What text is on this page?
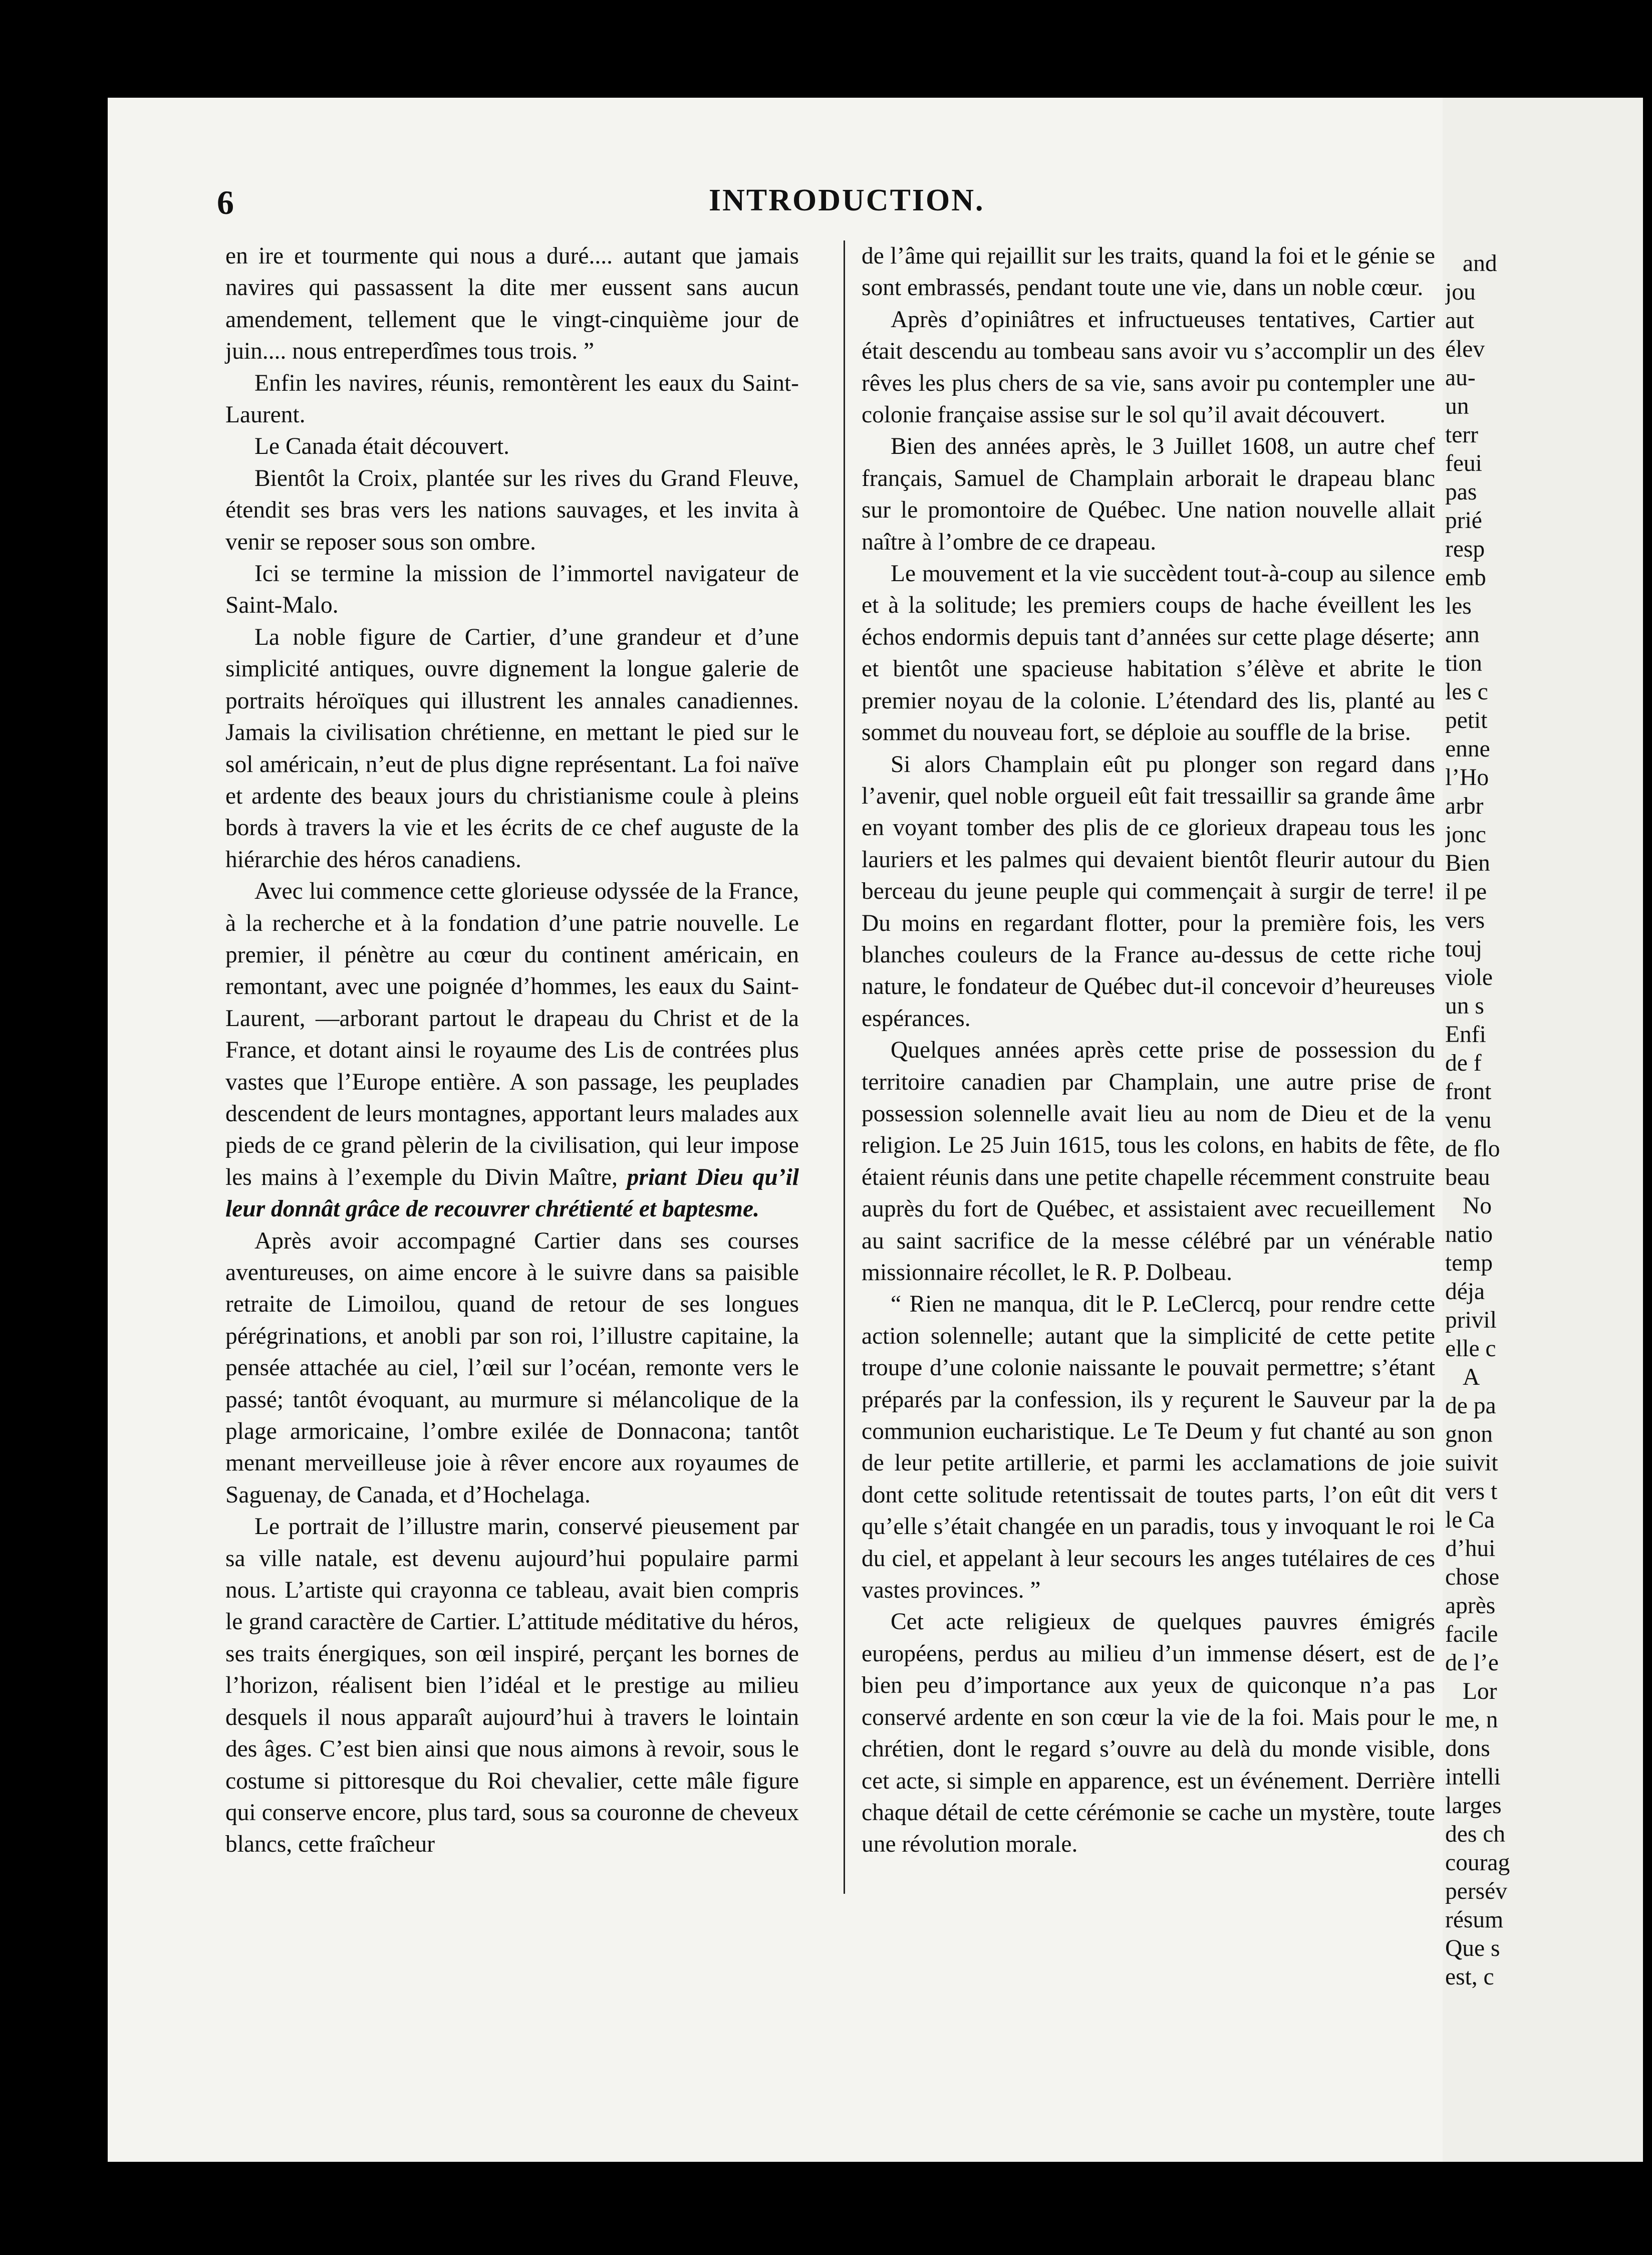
6	INTRODUCTION.

en ire et tourmente qui nous a duré.... autant que jamais navires qui passassent la dite mer eussent sans aucun amendement, tellement que le vingt-cinquième jour de juin.... nous entreperdîmes tous trois. ”

Enfin les navires, réunis, remontèrent les eaux du Saint-Laurent.

Le Canada était découvert.

Bientôt la Croix, plantée sur les rives du Grand Fleuve, étendit ses bras vers les nations sauvages, et les invita à venir se reposer sous son ombre.

Ici se termine la mission de l’immortel navigateur de Saint-Malo.

La noble figure de Cartier, d’une grandeur et d’une simplicité antiques, ouvre dignement la longue galerie de portraits héroïques qui illustrent les annales canadiennes. Jamais la civilisation chrétienne, en mettant le pied sur le sol américain, n’eut de plus digne représentant. La foi naïve et ardente des beaux jours du christianisme coule à pleins bords à travers la vie et les écrits de ce chef auguste de la hiérarchie des héros canadiens.

Avec lui commence cette glorieuse odyssée de la France, à la recherche et à la fondation d’une patrie nouvelle. Le premier, il pénètre au cœur du continent américain, en remontant, avec une poignée d’hommes, les eaux du Saint-Laurent, —arborant partout le drapeau du Christ et de la France, et dotant ainsi le royaume des Lis de contrées plus vastes que l’Europe entière. A son passage, les peuplades descendent de leurs montagnes, apportant leurs malades aux pieds de ce grand pèlerin de la civilisation, qui leur impose les mains à l’exemple du Divin Maître, priant Dieu qu’il leur donnât grâce de recouvrer chrétienté et baptesme.

Après avoir accompagné Cartier dans ses courses aventureuses, on aime encore à le suivre dans sa paisible retraite de Limoilou, quand de retour de ses longues pérégrinations, et anobli par son roi, l’illustre capitaine, la pensée attachée au ciel, l’œil sur l’océan, remonte vers le passé; tantôt évoquant, au murmure si mélancolique de la plage armoricaine, l’ombre exilée de Donnacona; tantôt menant merveilleuse joie à rêver encore aux royaumes de Saguenay, de Canada, et d’Hochelaga.

Le portrait de l’illustre marin, conservé pieusement par sa ville natale, est devenu aujourd’hui populaire parmi nous. L’artiste qui crayonna ce tableau, avait bien compris le grand caractère de Cartier. L’attitude méditative du héros, ses traits énergiques, son œil inspiré, perçant les bornes de l’horizon, réalisent bien l’idéal et le prestige au milieu desquels il nous apparaît aujourd’hui à travers le lointain des âges. C’est bien ainsi que nous aimons à revoir, sous le costume si pittoresque du Roi chevalier, cette mâle figure qui conserve encore, plus tard, sous sa couronne de cheveux blancs, cette fraîcheur

de l’âme qui rejaillit sur les traits, quand la foi et le génie se sont embrassés, pendant toute une vie, dans un noble cœur.

Après d’opiniâtres et infructueuses tentatives, Cartier était descendu au tombeau sans avoir vu s’accomplir un des rêves les plus chers de sa vie, sans avoir pu contempler une colonie française assise sur le sol qu’il avait découvert.

Bien des années après, le 3 Juillet 1608, un autre chef français, Samuel de Champlain arborait le drapeau blanc sur le promontoire de Québec. Une nation nouvelle allait naître à l’ombre de ce drapeau.

Le mouvement et la vie succèdent tout-à-coup au silence et à la solitude; les premiers coups de hache éveillent les échos endormis depuis tant d’années sur cette plage déserte; et bientôt une spacieuse habitation s’élève et abrite le premier noyau de la colonie. L’étendard des lis, planté au sommet du nouveau fort, se déploie au souffle de la brise.

Si alors Champlain eût pu plonger son regard dans l’avenir, quel noble orgueil eût fait tressaillir sa grande âme en voyant tomber des plis de ce glorieux drapeau tous les lauriers et les palmes qui devaient bientôt fleurir autour du berceau du jeune peuple qui commençait à surgir de terre! Du moins en regardant flotter, pour la première fois, les blanches couleurs de la France au-dessus de cette riche nature, le fondateur de Québec dut-il concevoir d’heureuses espérances.

Quelques années après cette prise de possession du territoire canadien par Champlain, une autre prise de possession solennelle avait lieu au nom de Dieu et de la religion. Le 25 Juin 1615, tous les colons, en habits de fête, étaient réunis dans une petite chapelle récemment construite auprès du fort de Québec, et assistaient avec recueillement au saint sacrifice de la messe célébré par un vénérable missionnaire récollet, le R. P. Dolbeau.

“ Rien ne manqua, dit le P. LeClercq, pour rendre cette action solennelle; autant que la simplicité de cette petite troupe d’une colonie naissante le pouvait permettre; s’étant préparés par la confession, ils y reçurent le Sauveur par la communion eucharistique. Le Te Deum y fut chanté au son de leur petite artillerie, et parmi les acclamations de joie dont cette solitude retentissait de toutes parts, l’on eût dit qu’elle s’était changée en un paradis, tous y invoquant le roi du ciel, et appelant à leur secours les anges tutélaires de ces vastes provinces. ”

Cet acte religieux de quelques pauvres émigrés européens, perdus au milieu d’un immense désert, est de bien peu d’importance aux yeux de quiconque n’a pas conservé ardente en son cœur la vie de la foi. Mais pour le chrétien, dont le regard s’ouvre au delà du monde visible, cet acte, si simple en apparence, est un événement. Derrière chaque détail de cette cérémonie se cache un mystère, toute une révolution morale.

and
jou
aut
élev
au-
un
terr
feui
pas
prié
resp
emb
les
ann
tion
les c
petit
enne
l’Ho
arbr
jonc
Bien
il pe
vers
touj
viole
un s
Enfi
de f
front
venu
de flo
beau
No
natio
temp
déja
privil
elle c
A
de pa
gnon
suivit
vers t
le Ca
d’hui
chose
après
facile
de l’e
Lor
me, n
dons
intelli
larges
des ch
courag
persév
résum
Que s
est, c
